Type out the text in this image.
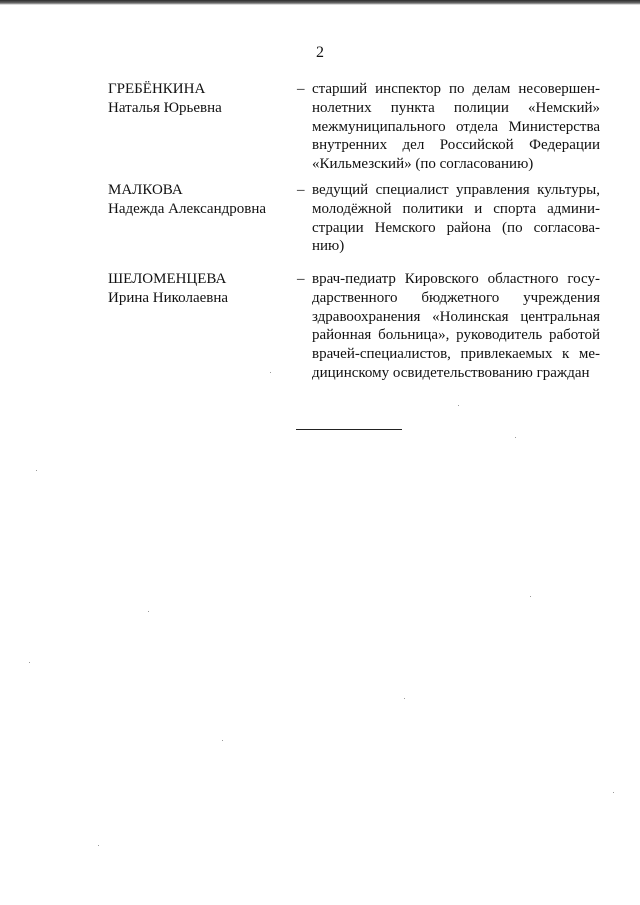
2
ГРЕБЁНКИНА
Наталья Юрьевна
– старший инспектор по делам несовершен-
нолетних пункта полиции «Немский»
межмуниципального отдела Министерства
внутренних дел Российской Федерации
«Кильмезский» (по согласованию)
МАЛКОВА
Надежда Александровна
– ведущий специалист управления культуры,
молодёжной политики и спорта админи-
страции Немского района (по согласова-
нию)
ШЕЛОМЕНЦЕВА
Ирина Николаевна
– врач-педиатр Кировского областного госу-
дарственного бюджетного учреждения
здравоохранения «Нолинская центральная
районная больница», руководитель работой
врачей-специалистов, привлекаемых к ме-
дицинскому освидетельствованию граждан
